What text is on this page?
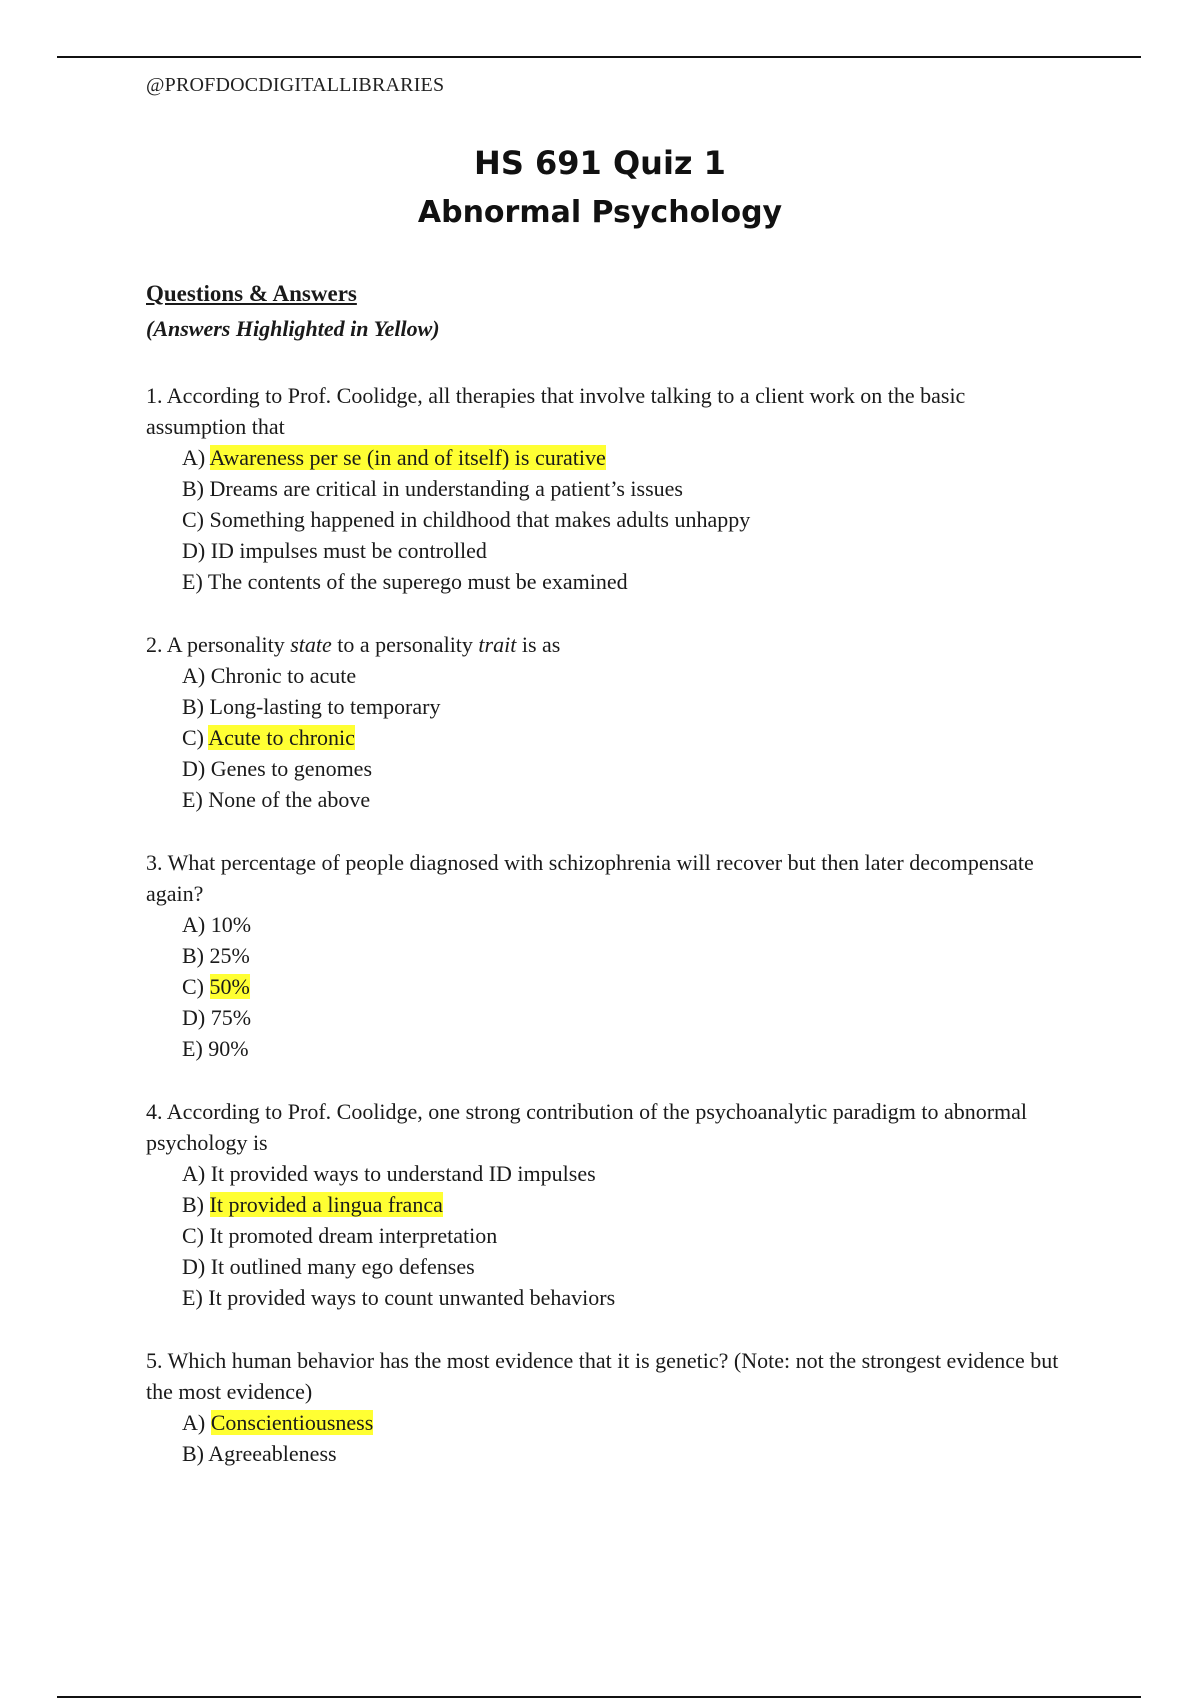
@PROFDOCDIGITALLIBRARIES
HS 691 Quiz 1
Abnormal Psychology
Questions & Answers
(Answers Highlighted in Yellow)

1. According to Prof. Coolidge, all therapies that involve talking to a client work on the basic assumption that

A) Awareness per se (in and of itself) is curative
B) Dreams are critical in understanding a patient’s issues
C) Something happened in childhood that makes adults unhappy
D) ID impulses must be controlled
E) The contents of the superego must be examined

2. A personality state to a personality trait is as

A) Chronic to acute
B) Long-lasting to temporary
C) Acute to chronic
D) Genes to genomes
E) None of the above

3. What percentage of people diagnosed with schizophrenia will recover but then later decompensate again?

A) 10%
B) 25%
C) 50%
D) 75%
E) 90%

4. According to Prof. Coolidge, one strong contribution of the psychoanalytic paradigm to abnormal psychology is

A) It provided ways to understand ID impulses
B) It provided a lingua franca
C) It promoted dream interpretation
D) It outlined many ego defenses
E) It provided ways to count unwanted behaviors

5. Which human behavior has the most evidence that it is genetic? (Note: not the strongest evidence but the most evidence)

A) Conscientiousness
B) Agreeableness
